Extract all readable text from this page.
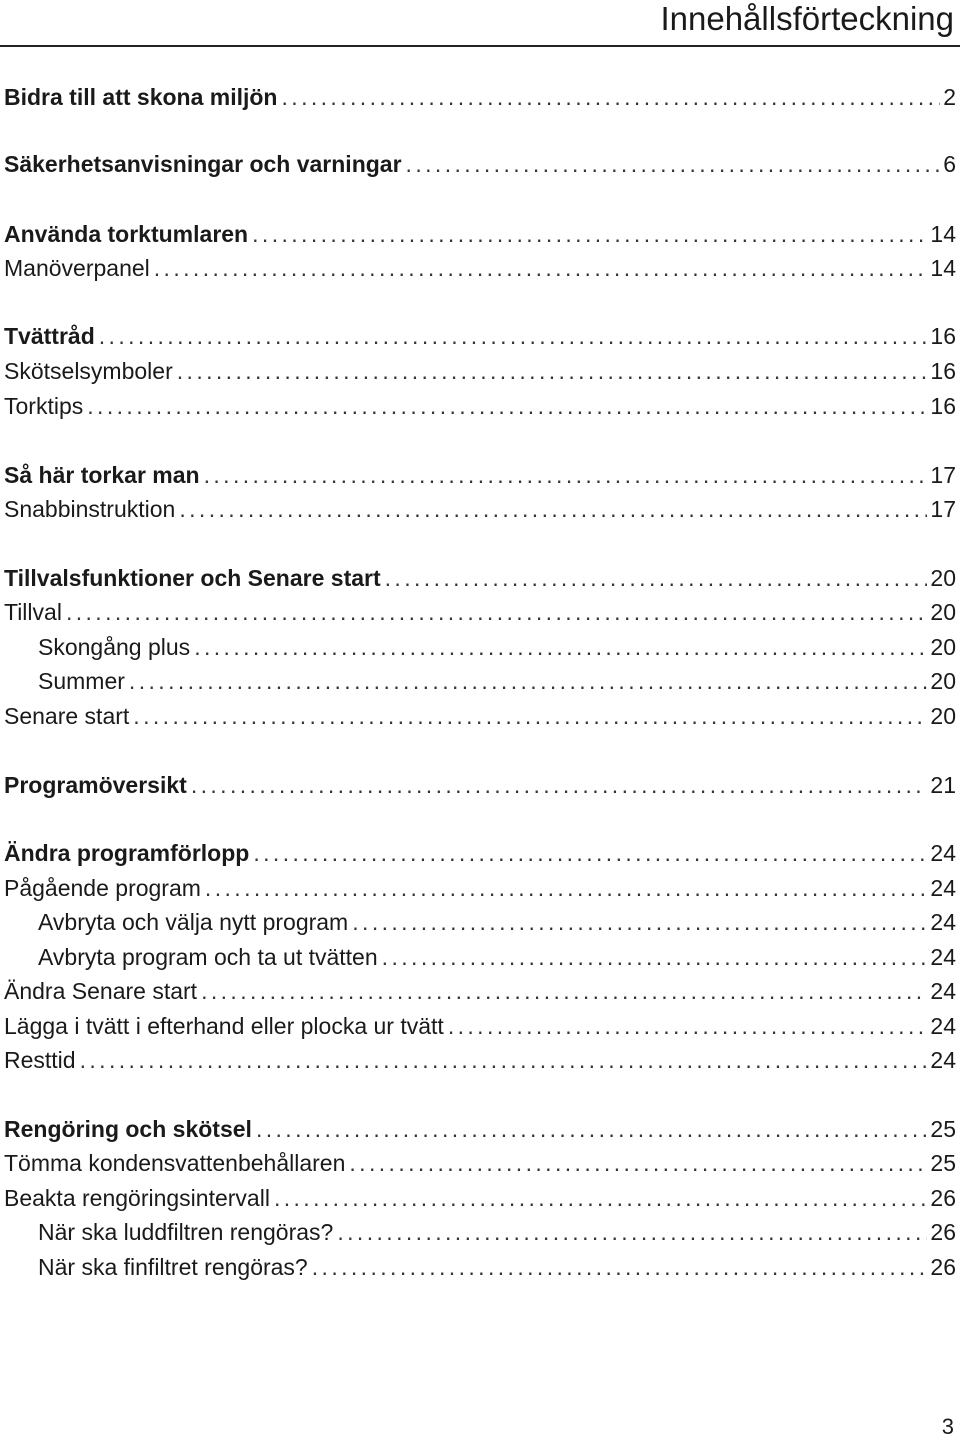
Innehållsförteckning
Bidra till att skona miljön .....	2
Säkerhetsanvisningar och varningar .....	6
Använda torktumlaren .....	14
Manöverpanel .....	14
Tvättråd .....	16
Skötselsymboler .....	16
Torktips .....	16
Så här torkar man .....	17
Snabbinstruktion .....	17
Tillvalsfunktioner och Senare start .....	20
Tillval .....	20
Skongång plus .....	20
Summer .....	20
Senare start .....	20
Programöversikt .....	21
Ändra programförlopp .....	24
Pågående program .....	24
Avbryta och välja nytt program .....	24
Avbryta program och ta ut tvätten .....	24
Ändra Senare start .....	24
Lägga i tvätt i efterhand eller plocka ur tvätt .....	24
Resttid .....	24
Rengöring och skötsel .....	25
Tömma kondensvattenbehållaren .....	25
Beakta rengöringsintervall .....	26
När ska luddfiltren rengöras? .....	26
När ska finfiltret rengöras? .....	26
3
